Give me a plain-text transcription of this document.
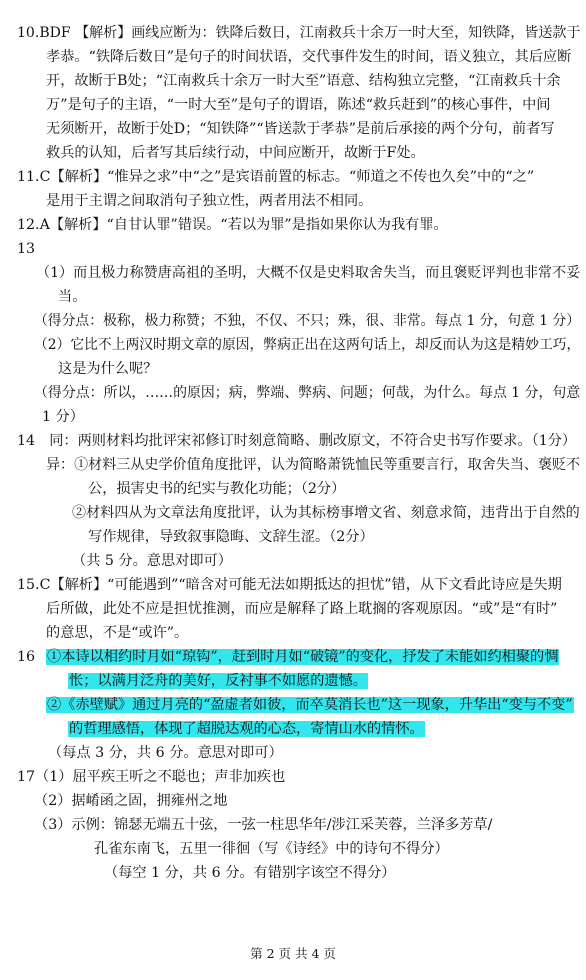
10.BDF 【解析】画线应断为：铁降后数日，江南救兵十余万一时大至，知铁降，皆送款于
孝恭。“铁降后数日”是句子的时间状语，交代事件发生的时间，语义独立，其后应断
开，故断于B处；“江南救兵十余万一时大至”语意、结构独立完整，“江南救兵十余
万”是句子的主语，“一时大至”是句子的谓语，陈述“救兵赶到”的核心事件，中间
无须断开，故断于处D；“知铁降”“皆送款于孝恭”是前后承接的两个分句，前者写
救兵的认知，后者写其后续行动，中间应断开，故断于F处。
11.C【解析】“惟异之求”中“之”是宾语前置的标志。“师道之不传也久矣”中的“之”
是用于主谓之间取消句子独立性，两者用法不相同。
12.A【解析】“自甘认罪”错误。“若以为罪”是指如果你认为我有罪。
13
（1）而且极力称赞唐高祖的圣明，大概不仅是史料取舍失当，而且褒贬评判也非常不妥
当。
（得分点：极称，极力称赞；不独，不仅、不只；殊，很、非常。每点 1 分，句意 1 分）
（2）它比不上两汉时期文章的原因，弊病正出在这两句话上，却反而认为这是精妙工巧，
这是为什么呢？
（得分点：所以，……的原因；病，弊端、弊病、问题；何哉，为什么。每点 1 分，句意
1 分）
14　同：两则材料均批评宋祁修订时刻意简略、删改原文，不符合史书写作要求。（1分）
异：①材料三从史学价值角度批评，认为简略萧铣恤民等重要言行，取舍失当、褒贬不
公，损害史书的纪实与教化功能；（2分）
②材料四从为文章法角度批评，认为其标榜事增文省、刻意求简，违背出于自然的
写作规律，导致叙事隐晦、文辞生涩。（2分）
（共 5 分。意思对即可）
15.C【解析】“可能遇到”“暗含对可能无法如期抵达的担忧”错，从下文看此诗应是失期
后所做，此处不应是担忧推测，而应是解释了路上耽搁的客观原因。“或”是“有时”
的意思，不是“或许”。
16 ①本诗以相约时月如“琼钩”，赶到时月如“破镜”的变化，抒发了未能如约相聚的惆
怅；以满月泛舟的美好，反衬事不如愿的遗憾。
②《赤壁赋》通过月亮的“盈虚者如彼，而卒莫消长也”这一现象，升华出“变与不变”
的哲理感悟，体现了超脱达观的心态，寄情山水的情怀。
（每点 3 分，共 6 分。意思对即可）
17（1）屈平疾王听之不聪也；声非加疾也
（2）据崤函之固，拥雍州之地
（3）示例：锦瑟无端五十弦，一弦一柱思华年/涉江采芙蓉，兰泽多芳草/
孔雀东南飞，五里一徘徊（写《诗经》中的诗句不得分）
（每空 1 分，共 6 分。有错别字该空不得分）
第 2 页 共 4 页
